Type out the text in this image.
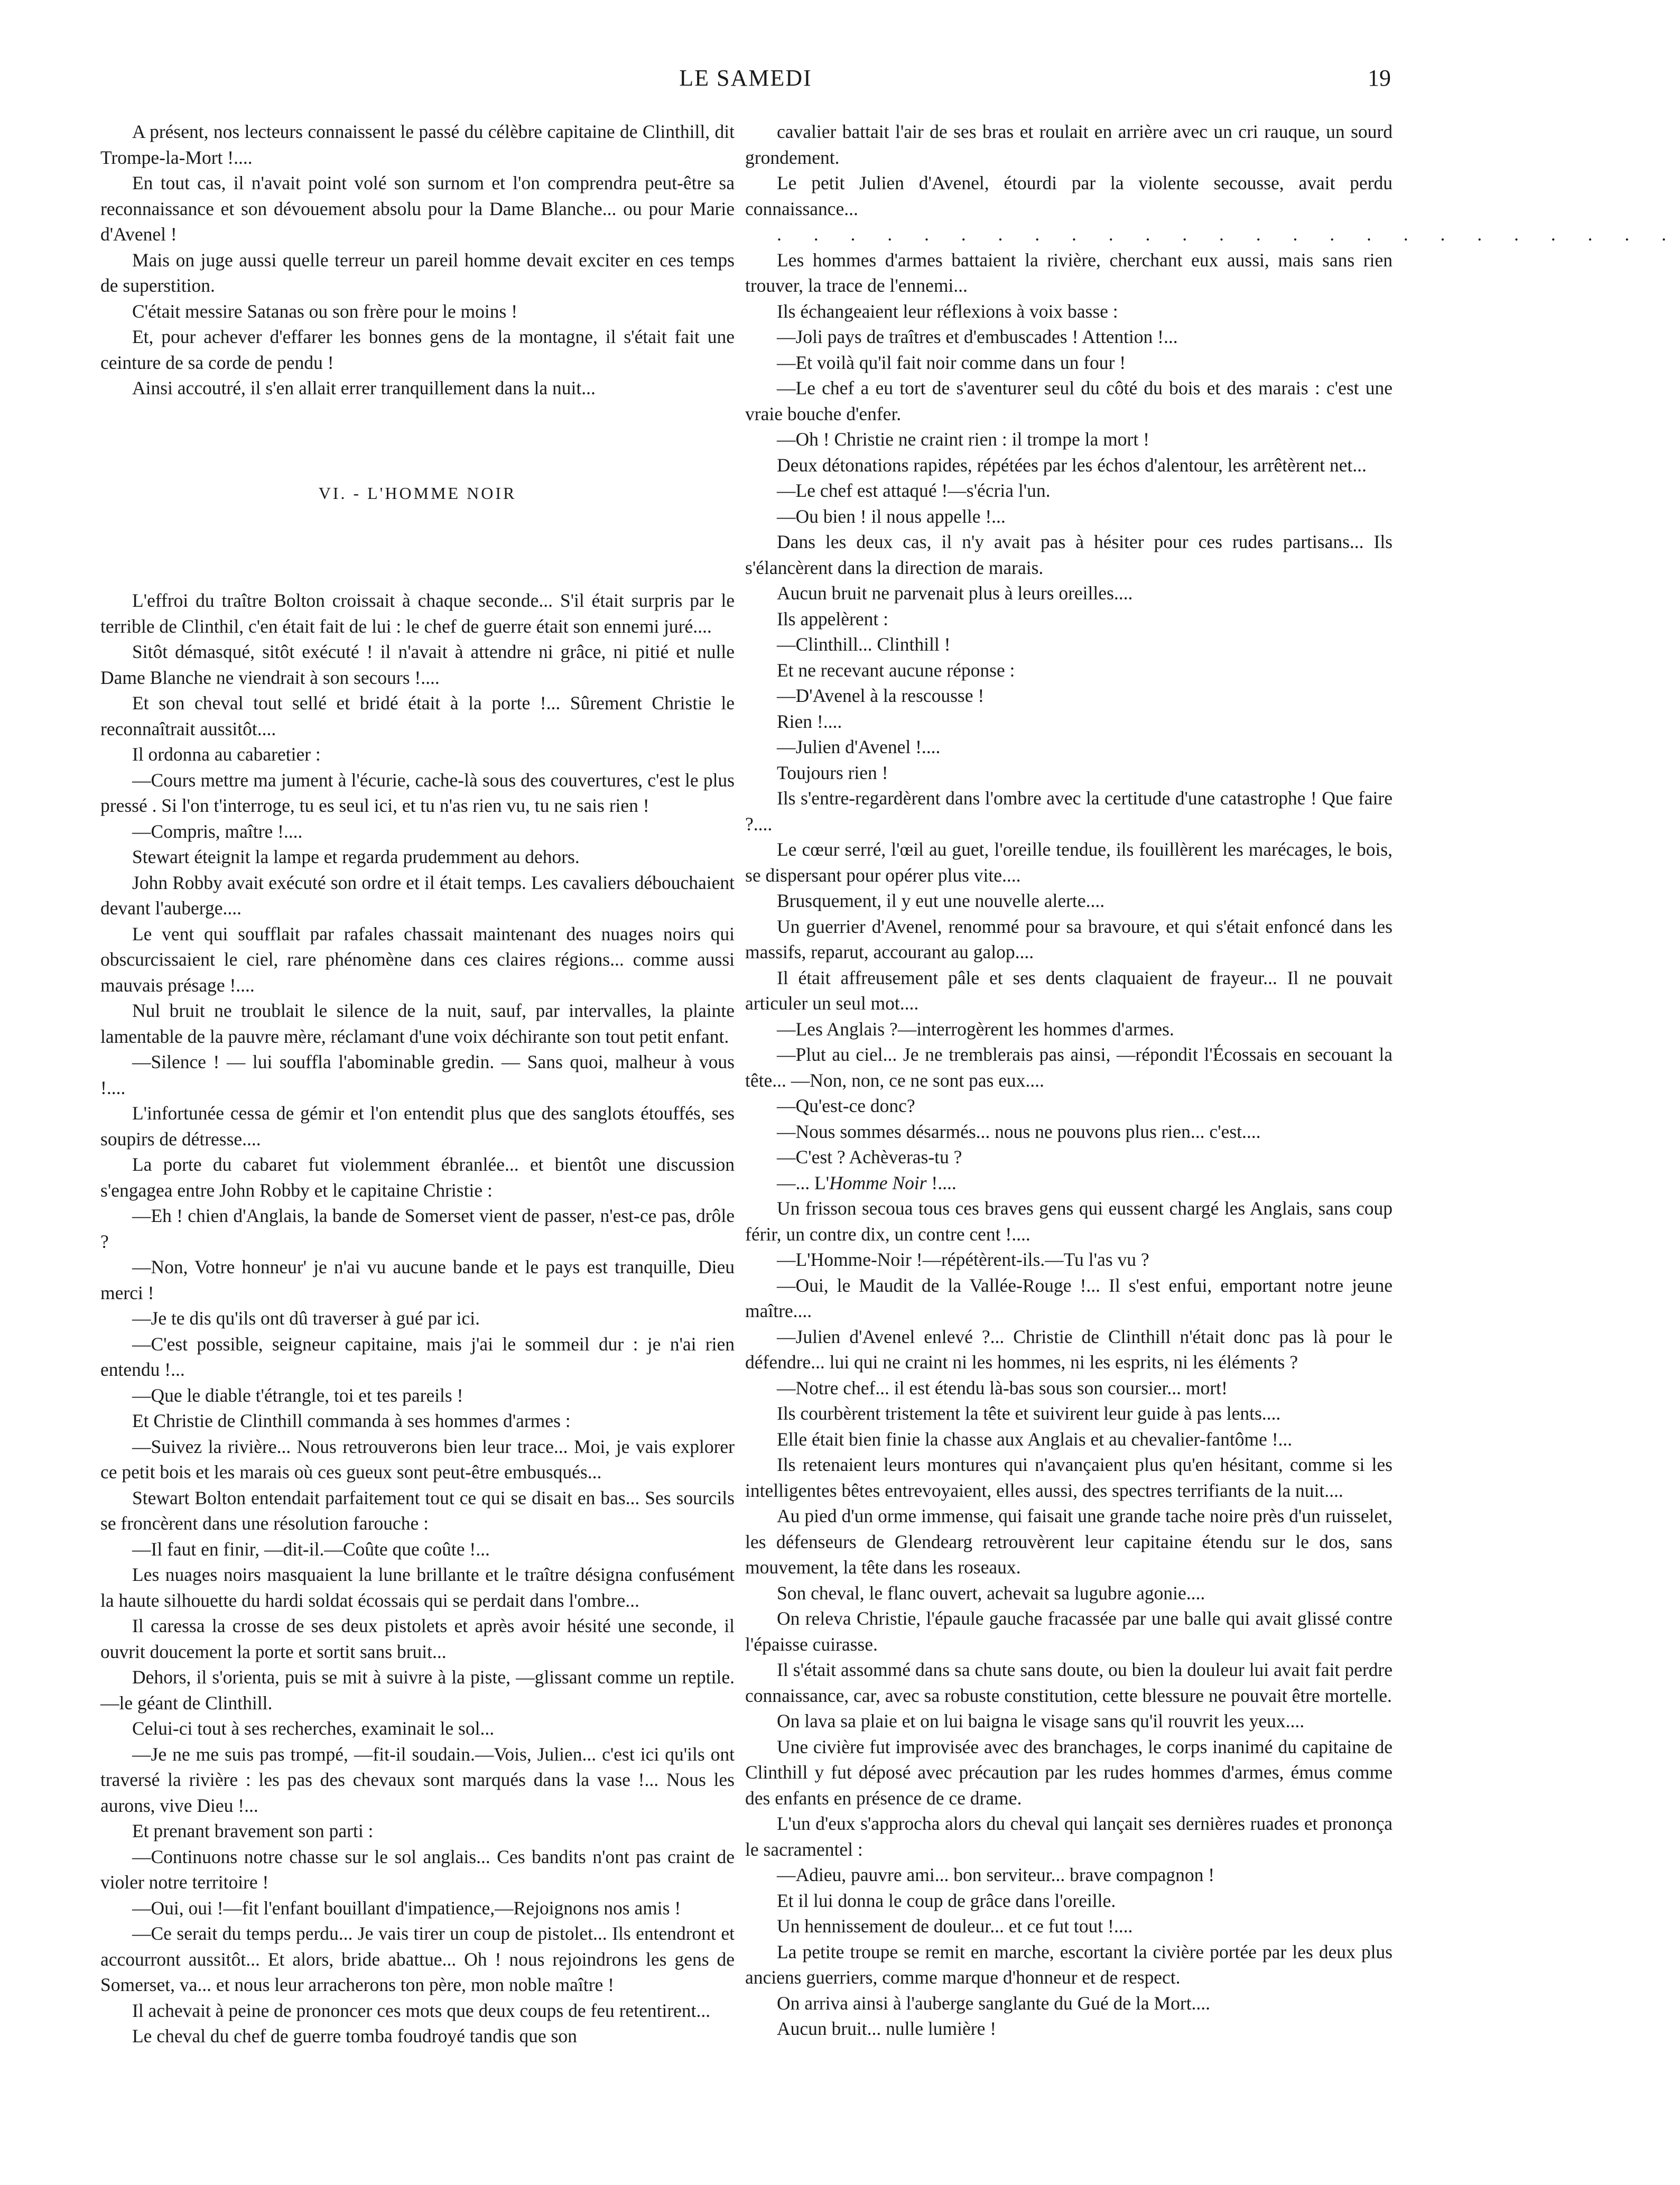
LE SAMEDI	19

A présent, nos lecteurs connaissent le passé du célèbre capitaine de Clinthill, dit Trompe-la-Mort !....

En tout cas, il n'avait point volé son surnom et l'on comprendra peut-être sa reconnaissance et son dévouement absolu pour la Dame Blanche... ou pour Marie d'Avenel !

Mais on juge aussi quelle terreur un pareil homme devait exciter en ces temps de superstition.

C'était messire Satanas ou son frère pour le moins !

Et, pour achever d'effarer les bonnes gens de la montagne, il s'était fait une ceinture de sa corde de pendu !

Ainsi accoutré, il s'en allait errer tranquillement dans la nuit...

VI. - L'HOMME NOIR

L'effroi du traître Bolton croissait à chaque seconde... S'il était surpris par le terrible de Clinthil, c'en était fait de lui : le chef de guerre était son ennemi juré....

Sitôt démasqué, sitôt exécuté ! il n'avait à attendre ni grâce, ni pitié et nulle Dame Blanche ne viendrait à son secours !....

Et son cheval tout sellé et bridé était à la porte !... Sûrement Christie le reconnaîtrait aussitôt....

Il ordonna au cabaretier :

—Cours mettre ma jument à l'écurie, cache-là sous des couvertures, c'est le plus pressé . Si l'on t'interroge, tu es seul ici, et tu n'as rien vu, tu ne sais rien !

—Compris, maître !....

Stewart éteignit la lampe et regarda prudemment au dehors.

John Robby avait exécuté son ordre et il était temps. Les cavaliers débouchaient devant l'auberge....

Le vent qui soufflait par rafales chassait maintenant des nuages noirs qui obscurcissaient le ciel, rare phénomène dans ces claires régions... comme aussi mauvais présage !....

Nul bruit ne troublait le silence de la nuit, sauf, par intervalles, la plainte lamentable de la pauvre mère, réclamant d'une voix déchirante son tout petit enfant.

—Silence ! — lui souffla l'abominable gredin. — Sans quoi, malheur à vous !....

L'infortunée cessa de gémir et l'on entendit plus que des sanglots étouffés, ses soupirs de détresse....

La porte du cabaret fut violemment ébranlée... et bientôt une discussion s'engagea entre John Robby et le capitaine Christie :

—Eh ! chien d'Anglais, la bande de Somerset vient de passer, n'est-ce pas, drôle ?

—Non, Votre honneur' je n'ai vu aucune bande et le pays est tranquille, Dieu merci !

—Je te dis qu'ils ont dû traverser à gué par ici.

—C'est possible, seigneur capitaine, mais j'ai le sommeil dur : je n'ai rien entendu !...

—Que le diable t'étrangle, toi et tes pareils !

Et Christie de Clinthill commanda à ses hommes d'armes :

—Suivez la rivière... Nous retrouverons bien leur trace... Moi, je vais explorer ce petit bois et les marais où ces gueux sont peut-être embusqués...

Stewart Bolton entendait parfaitement tout ce qui se disait en bas... Ses sourcils se froncèrent dans une résolution farouche :

—Il faut en finir, —dit-il.—Coûte que coûte !...

Les nuages noirs masquaient la lune brillante et le traître désigna confusément la haute silhouette du hardi soldat écossais qui se perdait dans l'ombre...

Il caressa la crosse de ses deux pistolets et après avoir hésité une seconde, il ouvrit doucement la porte et sortit sans bruit...

Dehors, il s'orienta, puis se mit à suivre à la piste, —glissant comme un reptile.—le géant de Clinthill.

Celui-ci tout à ses recherches, examinait le sol...

—Je ne me suis pas trompé, —fit-il soudain.—Vois, Julien... c'est ici qu'ils ont traversé la rivière : les pas des chevaux sont marqués dans la vase !... Nous les aurons, vive Dieu !...

Et prenant bravement son parti :

—Continuons notre chasse sur le sol anglais... Ces bandits n'ont pas craint de violer notre territoire !

—Oui, oui !—fit l'enfant bouillant d'impatience,—Rejoignons nos amis !

—Ce serait du temps perdu... Je vais tirer un coup de pistolet... Ils entendront et accourront aussitôt... Et alors, bride abattue... Oh ! nous rejoindrons les gens de Somerset, va... et nous leur arracherons ton père, mon noble maître !

Il achevait à peine de prononcer ces mots que deux coups de feu retentirent...

Le cheval du chef de guerre tomba foudroyé tandis que son

cavalier battait l'air de ses bras et roulait en arrière avec un cri rauque, un sourd grondement.

Le petit Julien d'Avenel, étourdi par la violente secousse, avait perdu connaissance...

. . . . . . . . . . . . . . . . . . . . . . . . .

Les hommes d'armes battaient la rivière, cherchant eux aussi, mais sans rien trouver, la trace de l'ennemi...

Ils échangeaient leur réflexions à voix basse :

—Joli pays de traîtres et d'embuscades ! Attention !...

—Et voilà qu'il fait noir comme dans un four !

—Le chef a eu tort de s'aventurer seul du côté du bois et des marais : c'est une vraie bouche d'enfer.

—Oh ! Christie ne craint rien : il trompe la mort !

Deux détonations rapides, répétées par les échos d'alentour, les arrêtèrent net...

—Le chef est attaqué !—s'écria l'un.

—Ou bien ! il nous appelle !...

Dans les deux cas, il n'y avait pas à hésiter pour ces rudes partisans... Ils s'élancèrent dans la direction de marais.

Aucun bruit ne parvenait plus à leurs oreilles....

Ils appelèrent :

—Clinthill... Clinthill !

Et ne recevant aucune réponse :

—D'Avenel à la rescousse !

Rien !....

—Julien d'Avenel !....

Toujours rien !

Ils s'entre-regardèrent dans l'ombre avec la certitude d'une catastrophe ! Que faire ?....

Le cœur serré, l'œil au guet, l'oreille tendue, ils fouillèrent les marécages, le bois, se dispersant pour opérer plus vite....

Brusquement, il y eut une nouvelle alerte....

Un guerrier d'Avenel, renommé pour sa bravoure, et qui s'était enfoncé dans les massifs, reparut, accourant au galop....

Il était affreusement pâle et ses dents claquaient de frayeur... Il ne pouvait articuler un seul mot....

—Les Anglais ?—interrogèrent les hommes d'armes.

—Plut au ciel... Je ne tremblerais pas ainsi, —répondit l'Écossais en secouant la tête... —Non, non, ce ne sont pas eux....

—Qu'est-ce donc?

—Nous sommes désarmés... nous ne pouvons plus rien... c'est....

—C'est ? Achèveras-tu ?

—... L'Homme Noir !....

Un frisson secoua tous ces braves gens qui eussent chargé les Anglais, sans coup férir, un contre dix, un contre cent !....

—L'Homme-Noir !—répétèrent-ils.—Tu l'as vu ?

—Oui, le Maudit de la Vallée-Rouge !... Il s'est enfui, emportant notre jeune maître....

—Julien d'Avenel enlevé ?... Christie de Clinthill n'était donc pas là pour le défendre... lui qui ne craint ni les hommes, ni les esprits, ni les éléments ?

—Notre chef... il est étendu là-bas sous son coursier... mort!

Ils courbèrent tristement la tête et suivirent leur guide à pas lents....

Elle était bien finie la chasse aux Anglais et au chevalier-fantôme !...

Ils retenaient leurs montures qui n'avançaient plus qu'en hésitant, comme si les intelligentes bêtes entrevoyaient, elles aussi, des spectres terrifiants de la nuit....

Au pied d'un orme immense, qui faisait une grande tache noire près d'un ruisselet, les défenseurs de Glendearg retrouvèrent leur capitaine étendu sur le dos, sans mouvement, la tête dans les roseaux.

Son cheval, le flanc ouvert, achevait sa lugubre agonie....

On releva Christie, l'épaule gauche fracassée par une balle qui avait glissé contre l'épaisse cuirasse.

Il s'était assommé dans sa chute sans doute, ou bien la douleur lui avait fait perdre connaissance, car, avec sa robuste constitution, cette blessure ne pouvait être mortelle.

On lava sa plaie et on lui baigna le visage sans qu'il rouvrit les yeux....

Une civière fut improvisée avec des branchages, le corps inanimé du capitaine de Clinthill y fut déposé avec précaution par les rudes hommes d'armes, émus comme des enfants en présence de ce drame.

L'un d'eux s'approcha alors du cheval qui lançait ses dernières ruades et prononça le sacramentel :

—Adieu, pauvre ami... bon serviteur... brave compagnon !

Et il lui donna le coup de grâce dans l'oreille.

Un hennissement de douleur... et ce fut tout !....

La petite troupe se remit en marche, escortant la civière portée par les deux plus anciens guerriers, comme marque d'honneur et de respect.

On arriva ainsi à l'auberge sanglante du Gué de la Mort....

Aucun bruit... nulle lumière !
